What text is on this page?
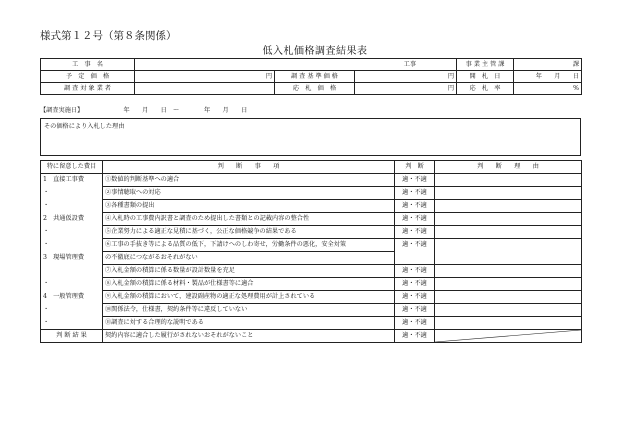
様式第１２号（第８条関係）
低入札価格調査結果表
工　事　名	工事			事 業 主 管 課	課
予　定　価　格	円	調 査 基 準 価 格	円	開　札　日	年　　月　　日
調 査 対 象 業 者		応　札　価　格	円	応　札　率	%
【調査実施日】　　　　　　　年　　月　　日　〜　　　　年　　月　　日
その価格により入札した理由
特に留意した費目	判　　断　　事　　項	判　断	判　　断　　理　　由
1　直接工事費	①数値的判断基準への適合	適・不適	
・	②事情聴取への対応	適・不適	
・	③各種書類の提出	適・不適	
2　共通仮設費	④入札時の工事費内訳書と調査のため提出した書類との記載内容の整合性	適・不適	
・	⑤企業努力による適正な見積に基づく，公正な価格競争の結果である	適・不適	
・	⑥工事の手抜き等による品質の低下，下請けへのしわ寄せ，労働条件の悪化，安全対策	適・不適	
3　現場管理費	の不徹底につながるおそれがない		
	⑦入札金額の積算に係る数量が設計数量を充足	適・不適	
・	⑧入札金額の積算に係る材料・製品が仕様書等に適合	適・不適	
4　一般管理費	⑨入札金額の積算において，建設副産物の適正な処理費用が計上されている	適・不適	
・	⑩関係法令，仕様書，契約条件等に違反していない	適・不適	
・	⑪調査に対する合理的な説明である	適・不適	
判 断 結 果	契約内容に適合した履行がされないおそれがないこと	適・不適	
